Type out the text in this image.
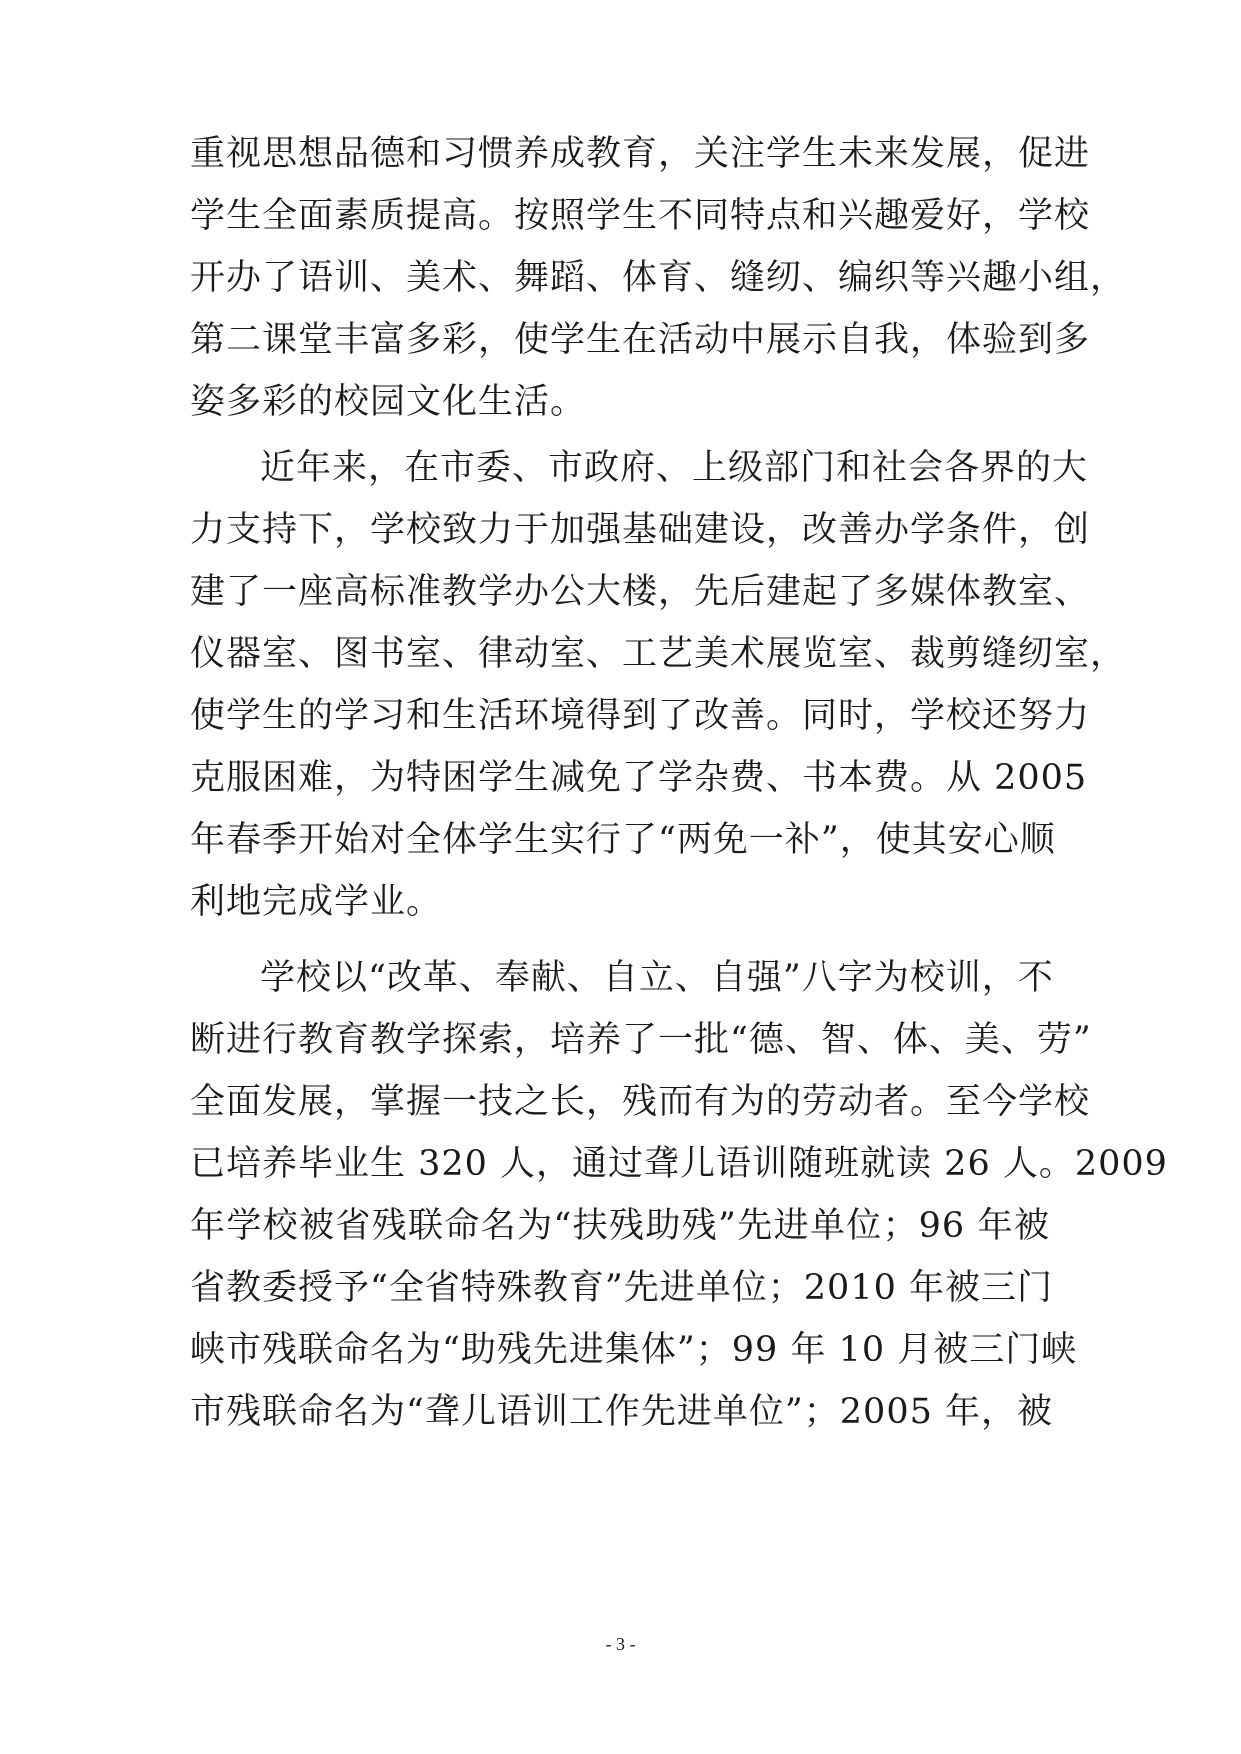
重视思想品德和习惯养成教育，关注学生未来发展，促进
学生全面素质提高。按照学生不同特点和兴趣爱好，学校
开办了语训、美术、舞蹈、体育、缝纫、编织等兴趣小组，
第二课堂丰富多彩，使学生在活动中展示自我，体验到多
姿多彩的校园文化生活。
近年来，在市委、市政府、上级部门和社会各界的大
力支持下，学校致力于加强基础建设，改善办学条件，创
建了一座高标准教学办公大楼，先后建起了多媒体教室、
仪器室、图书室、律动室、工艺美术展览室、裁剪缝纫室，
使学生的学习和生活环境得到了改善。同时，学校还努力
克服困难，为特困学生减免了学杂费、书本费。从 2005
年春季开始对全体学生实行了“两免一补”，使其安心顺
利地完成学业。
学校以“改革、奉献、自立、自强”八字为校训，不
断进行教育教学探索，培养了一批“德、智、体、美、劳”
全面发展，掌握一技之长，残而有为的劳动者。至今学校
已培养毕业生 320 人，通过聋儿语训随班就读 26 人。2009
年学校被省残联命名为“扶残助残”先进单位；96 年被
省教委授予“全省特殊教育”先进单位；2010 年被三门
峡市残联命名为“助残先进集体”；99 年 10 月被三门峡
市残联命名为“聋儿语训工作先进单位”；2005 年，被
- 3 -
